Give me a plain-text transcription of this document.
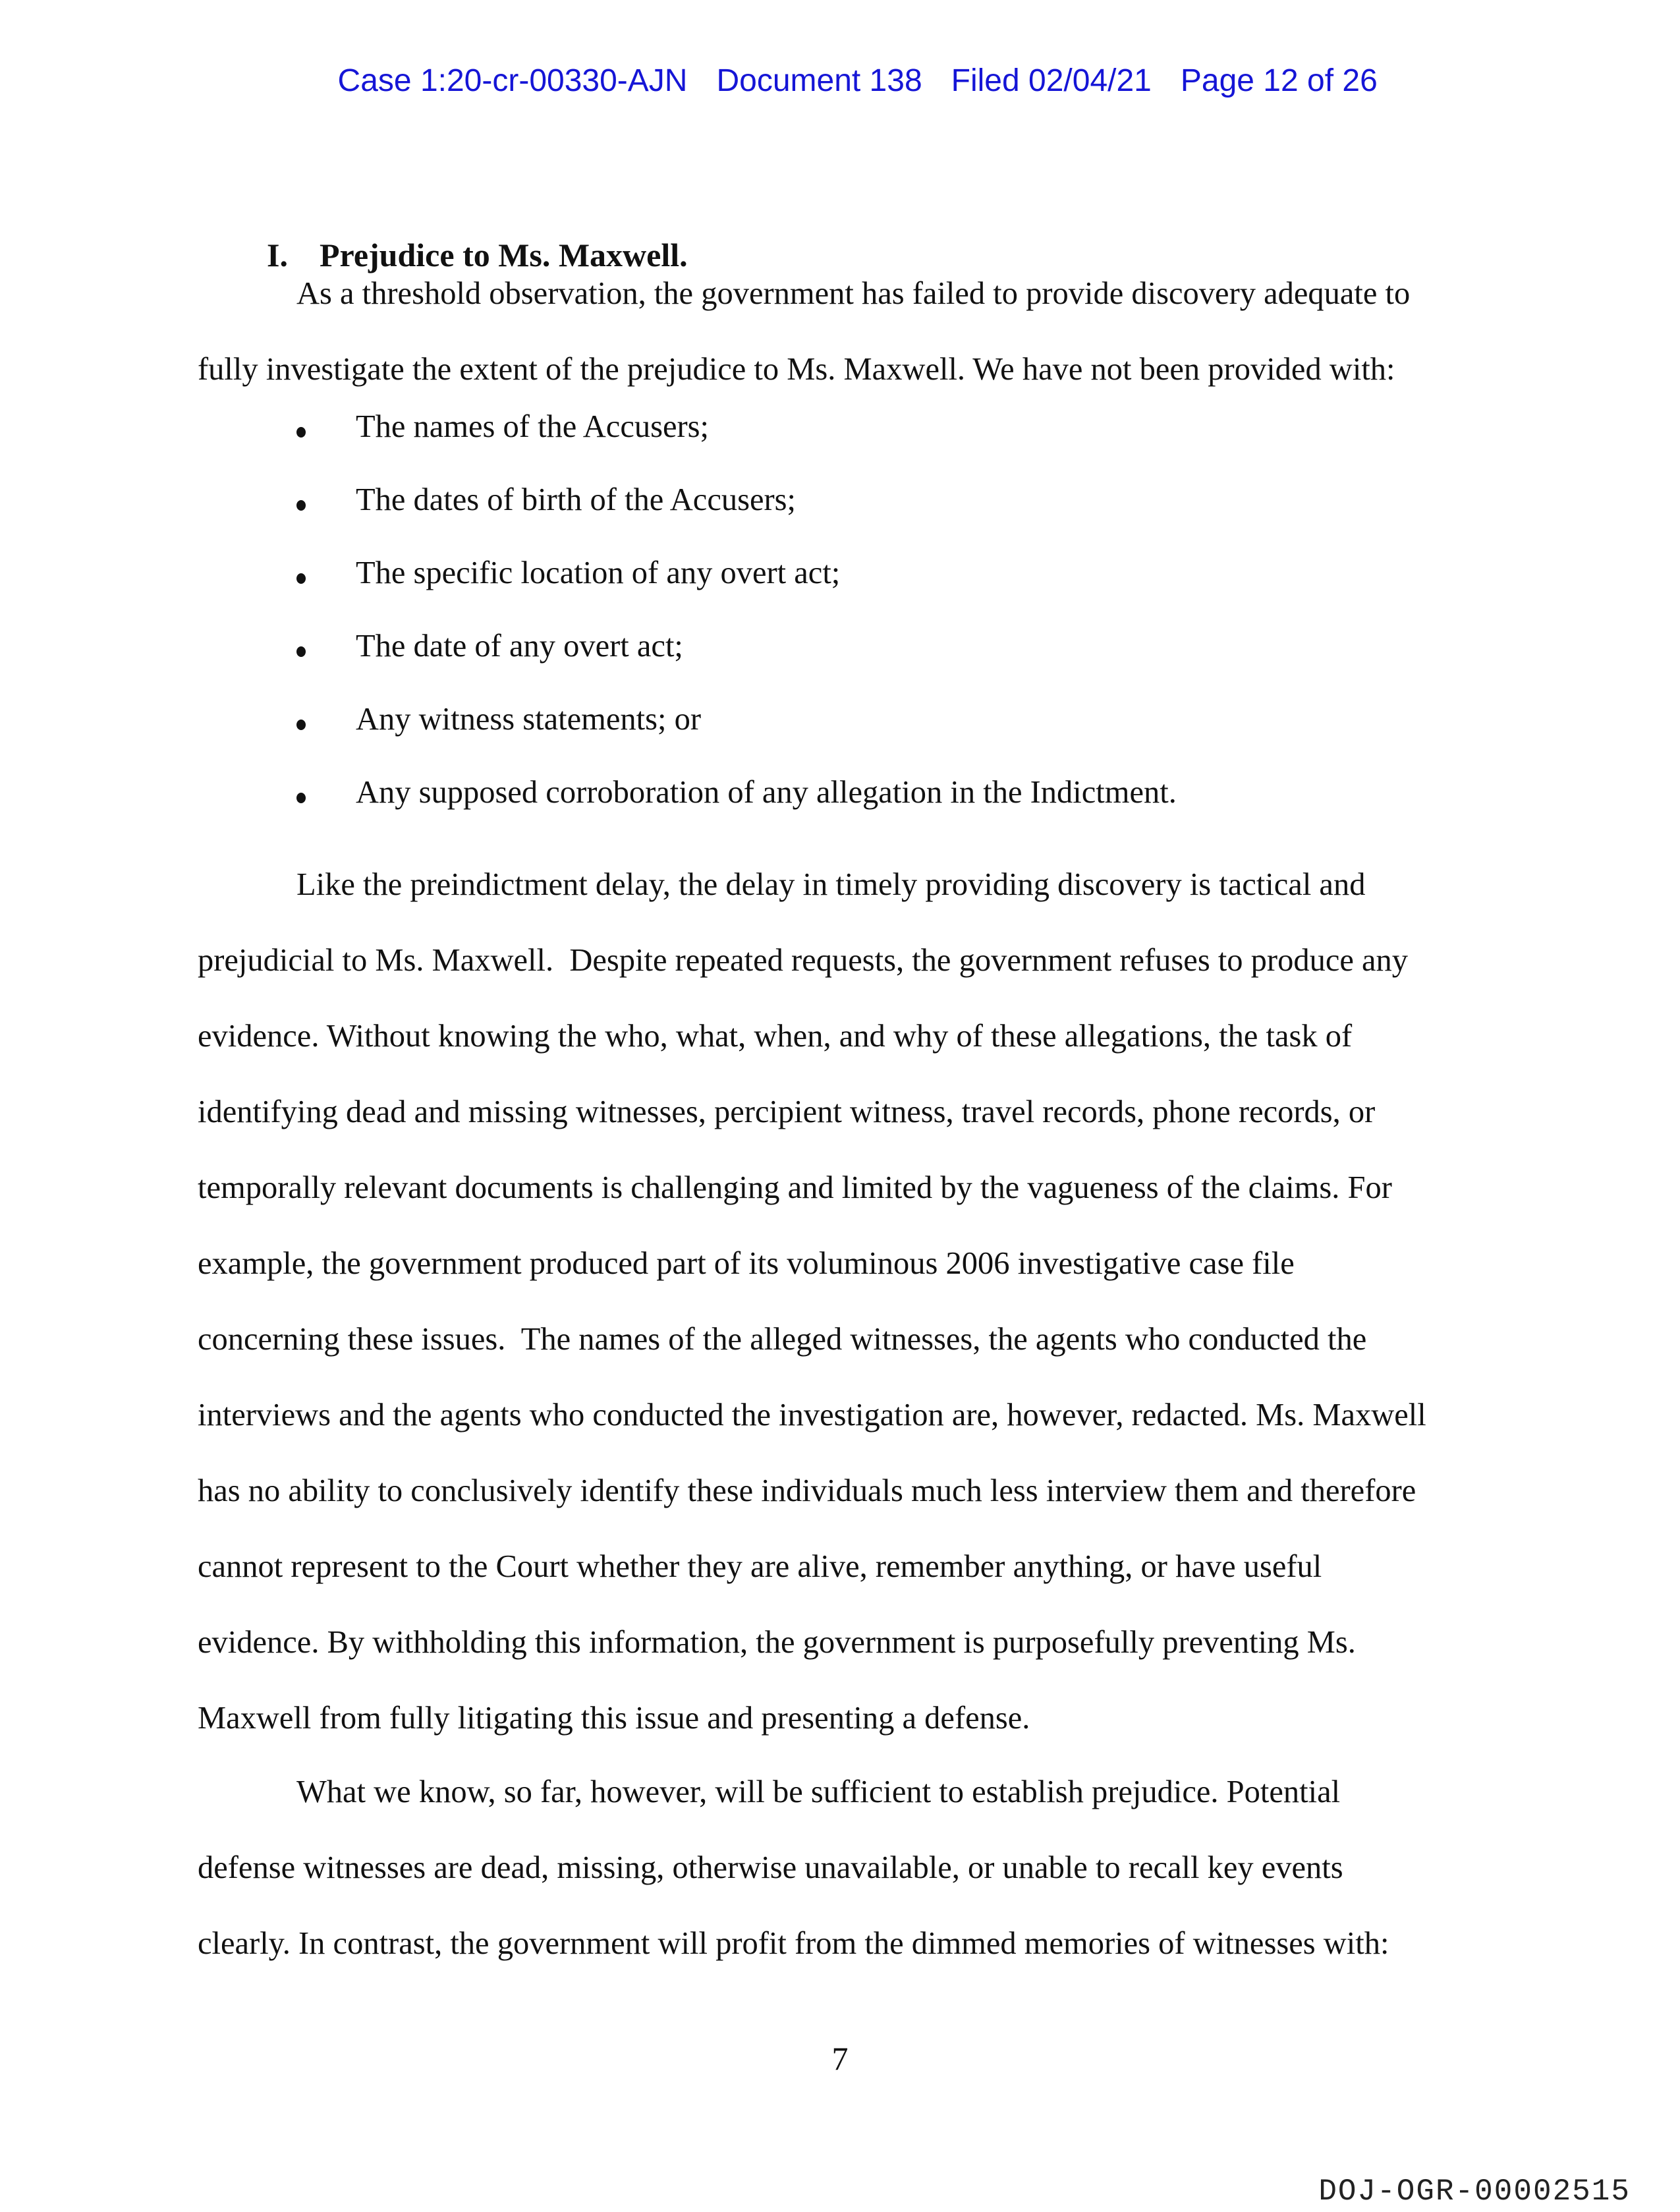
Case 1:20-cr-00330-AJN Document 138 Filed 02/04/21 Page 12 of 26

I. Prejudice to Ms. Maxwell.

As a threshold observation, the government has failed to provide discovery adequate to
fully investigate the extent of the prejudice to Ms. Maxwell. We have not been provided with:

The names of the Accusers;

The dates of birth of the Accusers;

The specific location of any overt act;

The date of any overt act;

Any witness statements; or

Any supposed corroboration of any allegation in the Indictment.

Like the preindictment delay, the delay in timely providing discovery is tactical and
prejudicial to Ms. Maxwell.  Despite repeated requests, the government refuses to produce any
evidence. Without knowing the who, what, when, and why of these allegations, the task of
identifying dead and missing witnesses, percipient witness, travel records, phone records, or
temporally relevant documents is challenging and limited by the vagueness of the claims. For
example, the government produced part of its voluminous 2006 investigative case file
concerning these issues.  The names of the alleged witnesses, the agents who conducted the
interviews and the agents who conducted the investigation are, however, redacted. Ms. Maxwell
has no ability to conclusively identify these individuals much less interview them and therefore
cannot represent to the Court whether they are alive, remember anything, or have useful
evidence. By withholding this information, the government is purposefully preventing Ms.
Maxwell from fully litigating this issue and presenting a defense.

What we know, so far, however, will be sufficient to establish prejudice. Potential
defense witnesses are dead, missing, otherwise unavailable, or unable to recall key events
clearly. In contrast, the government will profit from the dimmed memories of witnesses with:

7
DOJ-OGR-00002515
